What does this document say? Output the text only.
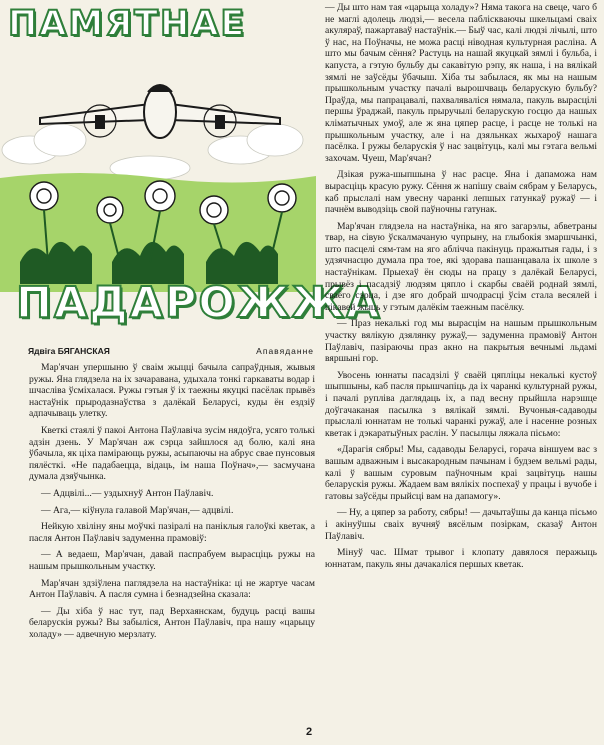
ПАМЯТНАЕ
ПАДАРОЖЖА
Ядвіга БЯГАНСКАЯ	Апавяданне

Мар'ячан упершыню ў сваім жыцці бачыла сапраўдныя, жывыя ружы. Яна глядзела на іх зачараванa, удыхала тонкі гаркаваты водар і шчасліва ўсміхалася. Ружы гэтыя ў іх таежны якуцкі пасёлак прывёз настаўнік прыродазнаўства з далёкай Беларусі, куды ён ездзіў адпачываць улетку.

Кветкі стаялі ў пакоі Антона Паўлавіча зусім нядоўга, усяго толькі адзін дзень. У Мар'ячан аж сэрца зайшлося ад болю, калі яна ўбачыла, як ціха памірающь ружы, асыпаючы на абрус свае пунсовыя пялёсткі. «Не падабаецца, відаць, ім наша Поўнач»,— засмучана думала дзяўчынка.

— Адцвілі...— уздыхнуў Антон Паўлавіч.

— Ага,— кіўнула галавой Мар'ячан,— адцвілі.

Нейкую хвіліну яны моўчкі пазіралі на паніклыя галоўкі кветак, а пасля Антон Паўлавіч задуменна прамовіў:

— А ведаеш, Мар'ячан, давай паспрабуем вырасціць ружы на нашым прышкольным участку.

Мар'ячан здзіўлена паглядзела на настаўніка: ці не жартуе часам Антон Паўлавіч. А пасля сумна і безнадзейна сказала:

— Ды хіба ў нас тут, пад Верхаянскам, будуць расці вашы беларускія ружы? Вы забыліся, Антон Паўлавіч, пра нашу «царыцу холаду» — адвечную мерзлату.

— Ды што нам тая «царыца холаду»? Няма такога на свеце, чаго б не маглі адолець людзі,— весела паблiскваючы шкельцамі сваіх акуляраў, пажартаваў настаўнік.— Быў час, калі людзі лічылі, што ў нас, на Поўначы, не можа расці ніводная культурная расліна. А што мы бачым сёння? Растуць на нашай якуцкай зямлі і бульба, і капуста, а гэтую бульбу ды сакавітую рэпу, як наша, і на вялікай зямлі не заўсёды ўбачыш. Хіба ты забылася, як мы на нашым прышкольным участку пачалі вырошчваць беларускую бульбу? Праўда, мы папрацавалі, пахвалявaліся нямала, пакуль вырасцілі першы ўраджай, пакуль прыручылі беларускую госцю да нашых кліматычных умоў, але ж яна цяпер расце, і расце не толькі на прышкольным участку, але і на дзяльнках жыхароў нашага пасёлка. І ружы беларускія ў нас зацвітуць, калі мы гэтага вельмі захочам. Чуеш, Мар'ячан?

Дзікая ружа-шыпшына ў нас расце. Яна і дапаможа нам вырасціць красую ружу. Сёння ж напішу сваім сябрам у Беларусь, каб прыслалі нам увесну чаранкі лепшых гатункаў ружаў — і пачнём выводзіць свой паўночны гатунак.

Мар'ячан глядзела на настаўніка, на яго загарэлы, абветраны твар, на сівую ўскалмачаную чупрыну, на глыбокія змаршчынкі, што пасцелі сям-там на яго аблічча пакінуць пражытыя гады, і з удзячнасцю думала пра тое, які здорава пашанцавала іх школе з настаўнікам. Прыехаў ён сюды на працу з далёкай Беларусі, прывёз і пасадзіў людзям цяпло і скарбы сваёй роднай зямлі, сваёго сэрца, і дзе яго добрай шчодрасці ўсім стала весялей і цікавей жыць у гэтым далёкім таежным пасёлку.

— Праз некалькі год мы вырасцім на нашым прышкольным участку вялікую дзялянку ружаў,— задуменна прамовіў Антон Паўлавіч, пазіраючы праз акно на пакрытыя вечнымі льдамі вяршыні гор.

Увосень юннаты пасадзілі ў сваёй цяпліцы некалькі кустоў шыпшыны, каб пасля прышчапіць да іх чаранкі культурнай ружы, і пачалі руплiва даглядаць іх, а пад весну прыйшла нарэшце доўгачаканая пасылка з вялікай зямлі. Вучоныя-садаводы прыслалі юннатам не толькі чаранкі ружаў, але і насенне розных кветак і дэкаратыўных раслін. У пасылцы ляжала пісьмо:

«Дарагія сябры! Мы, садаводы Беларусі, горача віншуем вас з вашым адважным і высакародным пачынам і будзем вельмі рады, калі ў вашым суровым паўночным краі зацвітуць нашы беларускія ружы. Жадаем вам вялікіх поспехаў у працы і вучобе і гатовы заўсёды прыйсці вам на дапамогу».

— Ну, а цяпер за работу, сябры! — дачытаўшы да канца пісьмо і акінуўшы сваіх вучняў вясёлым позіркам, сказаў Антон Паўлавіч.

Мінуў час. Шмат трывог і клопату давялося перажыць юннатам, пакуль яны дачакаліся першых кветак.

2
